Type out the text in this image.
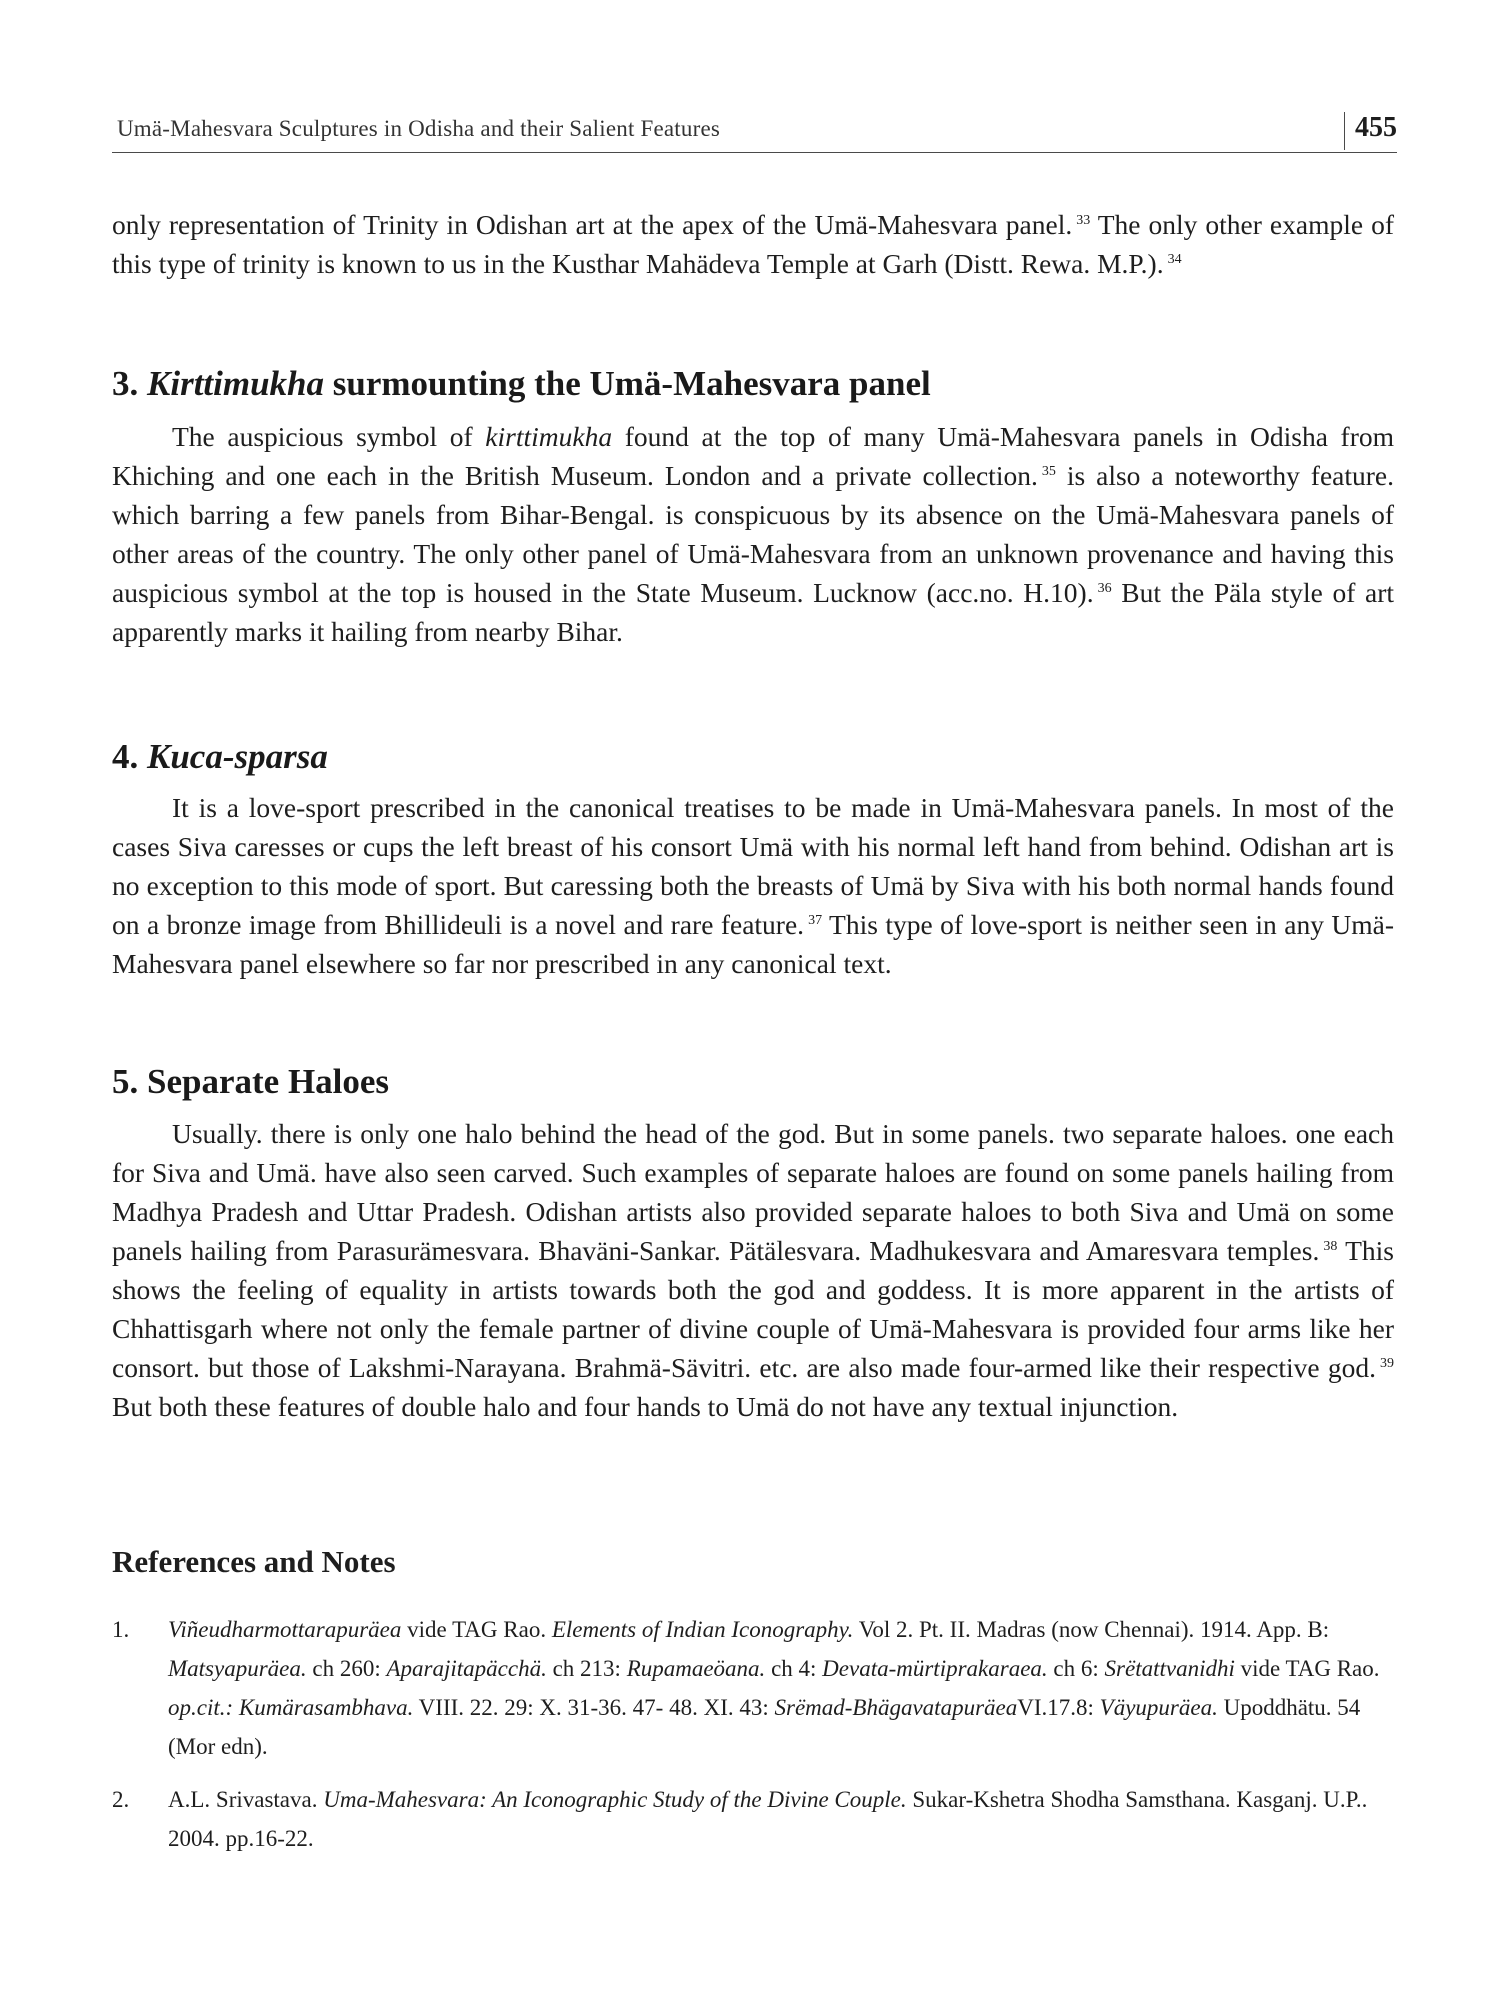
Umä-Mahesvara Sculptures in Odisha and their Salient Features	455

only representation of Trinity in Odishan art at the apex of the Umä-Mahesvara panel. $^{33}$ The only other example of this type of trinity is known to us in the Kusthar Mahädeva Temple at Garh (Distt. Rewa. M.P.). $^{34}$

3. Kirttimukha surmounting the Umä-Mahesvara panel

The auspicious symbol of kirttimukha found at the top of many Umä-Mahesvara panels in Odisha from Khiching and one each in the British Museum. London and a private collection. $^{35}$ is also a noteworthy feature. which barring a few panels from Bihar-Bengal. is conspicuous by its absence on the Umä-Mahesvara panels of other areas of the country. The only other panel of Umä-Mahesvara from an unknown provenance and having this auspicious symbol at the top is housed in the State Museum. Lucknow (acc.no. H.10). $^{36}$ But the Päla style of art apparently marks it hailing from nearby Bihar.

4. Kuca-sparsa

It is a love-sport prescribed in the canonical treatises to be made in Umä-Mahesvara panels. In most of the cases Siva caresses or cups the left breast of his consort Umä with his normal left hand from behind. Odishan art is no exception to this mode of sport. But caressing both the breasts of Umä by Siva with his both normal hands found on a bronze image from Bhillideuli is a novel and rare feature. $^{37}$ This type of love-sport is neither seen in any Umä-Mahesvara panel elsewhere so far nor prescribed in any canonical text.

5. Separate Haloes

Usually. there is only one halo behind the head of the god. But in some panels. two separate haloes. one each for Siva and Umä. have also seen carved. Such examples of separate haloes are found on some panels hailing from Madhya Pradesh and Uttar Pradesh. Odishan artists also provided separate haloes to both Siva and Umä on some panels hailing from Parasurämesvara. Bhaväni-Sankar. Pätälesvara. Madhukesvara and Amaresvara temples. $^{38}$ This shows the feeling of equality in artists towards both the god and goddess. It is more apparent in the artists of Chhattisgarh where not only the female partner of divine couple of Umä-Mahesvara is provided four arms like her consort. but those of Lakshmi-Narayana. Brahmä-Sävitri. etc. are also made four-armed like their respective god. $^{39}$ But both these features of double halo and four hands to Umä do not have any textual injunction.

References and Notes
1.	Viñeudharmottarapuräea vide TAG Rao. Elements of Indian Iconography. Vol 2. Pt. II. Madras (now Chennai). 1914. App. B: Matsyapuräea. ch 260: Aparajitapäcchä. ch 213: Rupamaeöana. ch 4: Devata-mürtiprakaraea. ch 6: Srëtattvanidhi vide TAG Rao. op.cit.: Kumärasambhava. VIII. 22. 29: X. 31-36. 47- 48. XI. 43: Srëmad-BhägavatapuräeaVI.17.8: Väyupuräea. Upoddhätu. 54 (Mor edn).
2.	A.L. Srivastava. Uma-Mahesvara: An Iconographic Study of the Divine Couple. Sukar-Kshetra Shodha Samsthana. Kasganj. U.P.. 2004. pp.16-22.
